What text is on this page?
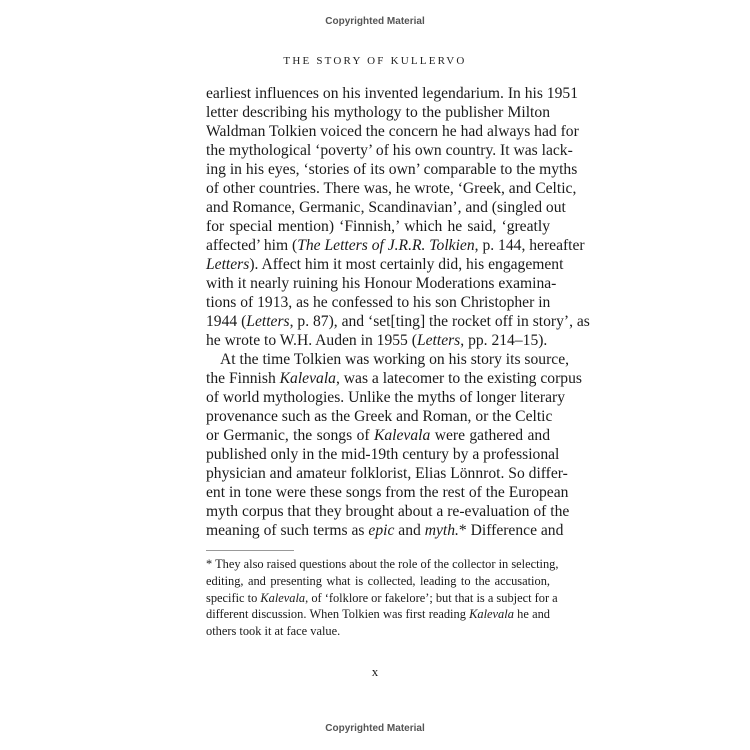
Copyrighted Material
THE STORY OF KULLERVO
earliest influences on his invented legendarium. In his 1951
letter describing his mythology to the publisher Milton
Waldman Tolkien voiced the concern he had always had for
the mythological ‘poverty’ of his own country. It was lack-
ing in his eyes, ‘stories of its own’ comparable to the myths
of other countries. There was, he wrote, ‘Greek, and Celtic,
and Romance, Germanic, Scandinavian’, and (singled out
for special mention) ‘Finnish,’ which he said, ‘greatly
affected’ him (The Letters of J.R.R. Tolkien, p. 144, hereafter
Letters). Affect him it most certainly did, his engagement
with it nearly ruining his Honour Moderations examina-
tions of 1913, as he confessed to his son Christopher in
1944 (Letters, p. 87), and ‘set[ting] the rocket off in story’, as
he wrote to W.H. Auden in 1955 (Letters, pp. 214–15).
At the time Tolkien was working on his story its source,
the Finnish Kalevala, was a latecomer to the existing corpus
of world mythologies. Unlike the myths of longer literary
provenance such as the Greek and Roman, or the Celtic
or Germanic, the songs of Kalevala were gathered and
published only in the mid-19th century by a professional
physician and amateur folklorist, Elias Lönnrot. So differ-
ent in tone were these songs from the rest of the European
myth corpus that they brought about a re-evaluation of the
meaning of such terms as epic and myth.* Difference and
* They also raised questions about the role of the collector in selecting,
editing, and presenting what is collected, leading to the accusation,
specific to Kalevala, of ‘folklore or fakelore’; but that is a subject for a
different discussion. When Tolkien was first reading Kalevala he and
others took it at face value.
x
Copyrighted Material
